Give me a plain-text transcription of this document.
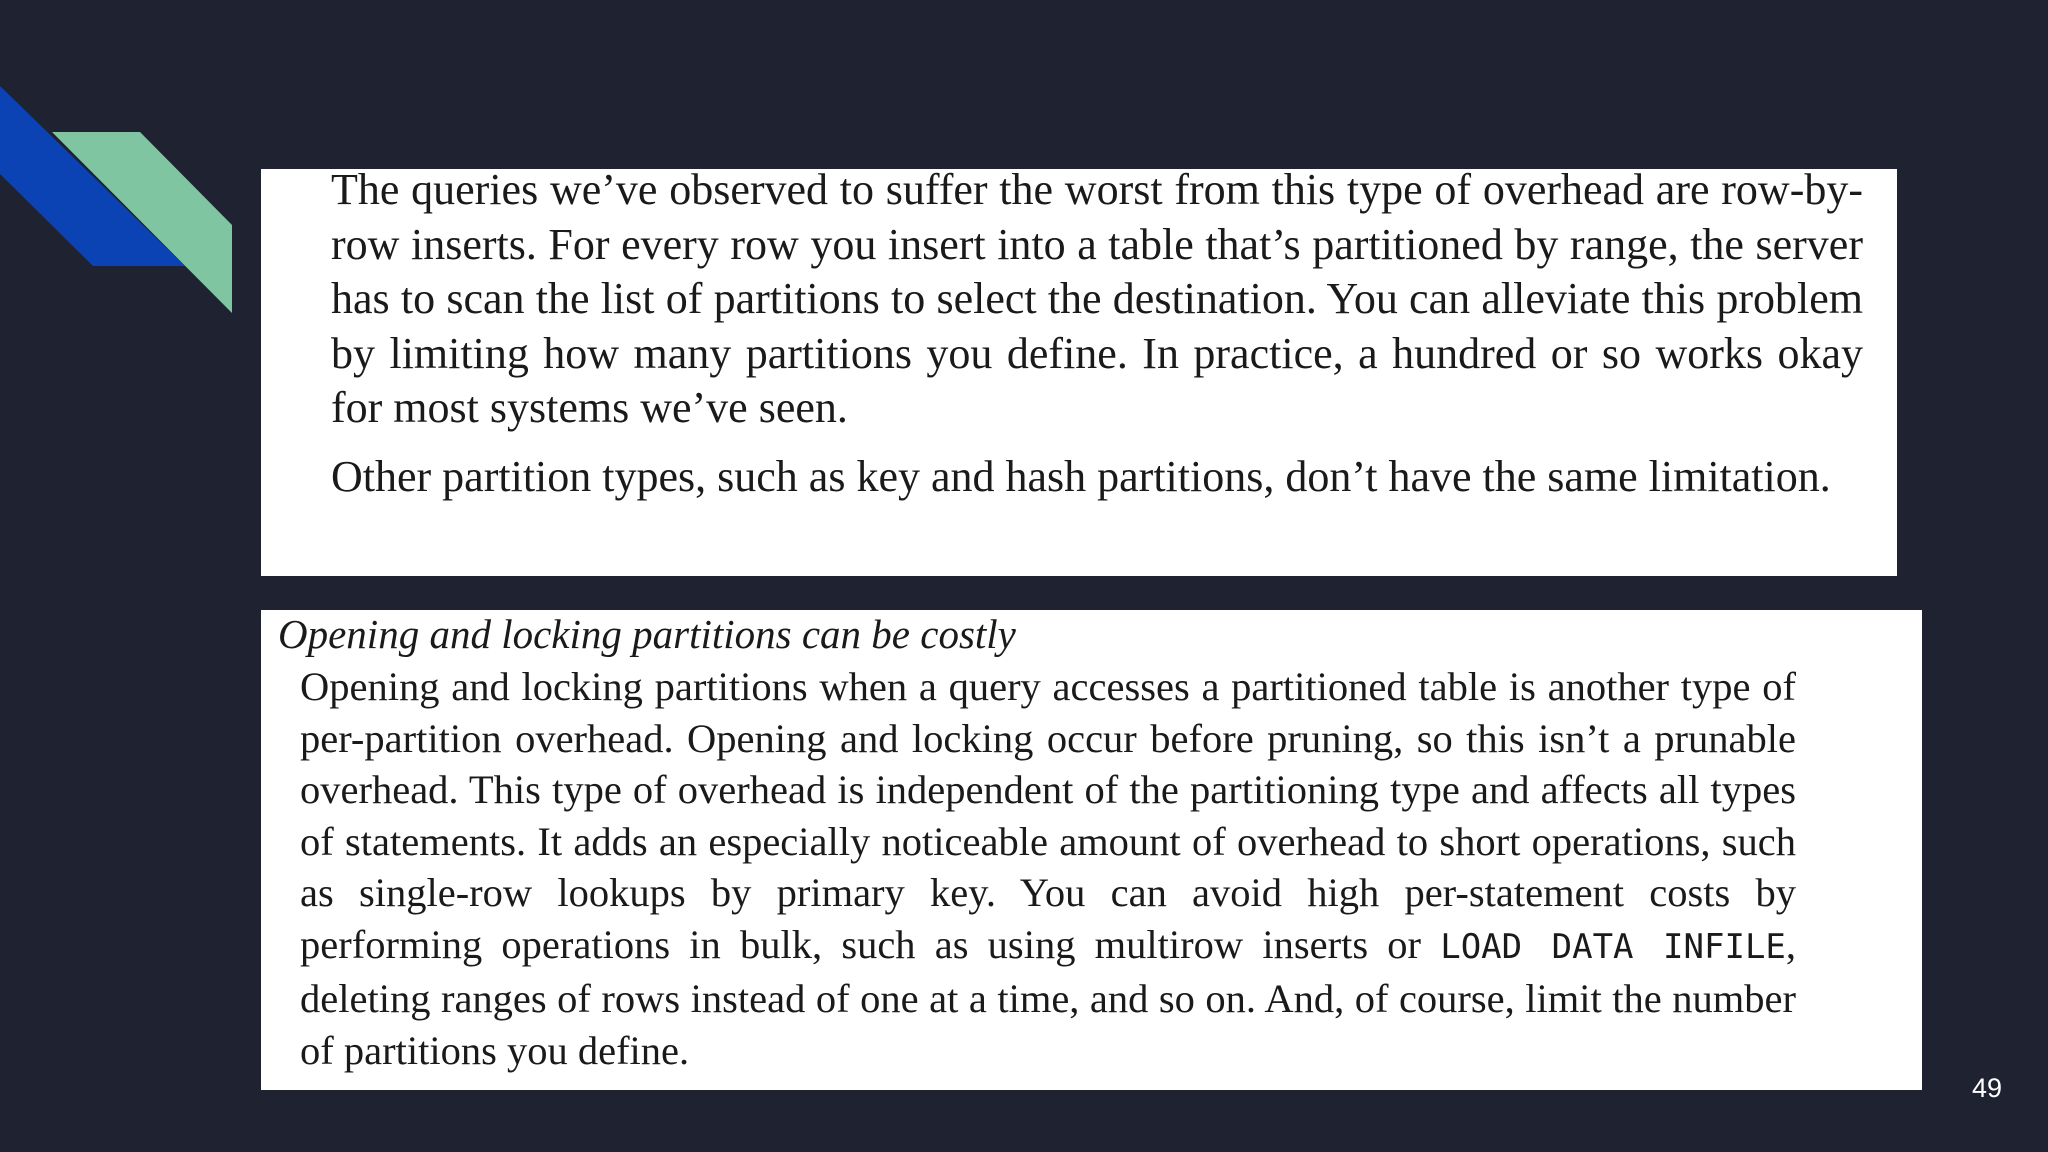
The queries we’ve observed to suffer the worst from this type of overhead are row-by-row inserts. For every row you insert into a table that’s partitioned by range, the server has to scan the list of partitions to select the destination. You can alleviate this problem by limiting how many partitions you define. In practice, a hundred or so works okay for most systems we’ve seen.

Other partition types, such as key and hash partitions, don’t have the same limitation.

Opening and locking partitions can be costly

Opening and locking partitions when a query accesses a partitioned table is another type of per-partition overhead. Opening and locking occur before pruning, so this isn’t a prunable overhead. This type of overhead is independent of the partitioning type and affects all types of statements. It adds an especially noticeable amount of overhead to short operations, such as single-row lookups by primary key. You can avoid high per-statement costs by performing operations in bulk, such as using multirow inserts or LOAD DATA INFILE, deleting ranges of rows instead of one at a time, and so on. And, of course, limit the number of partitions you define.

49
